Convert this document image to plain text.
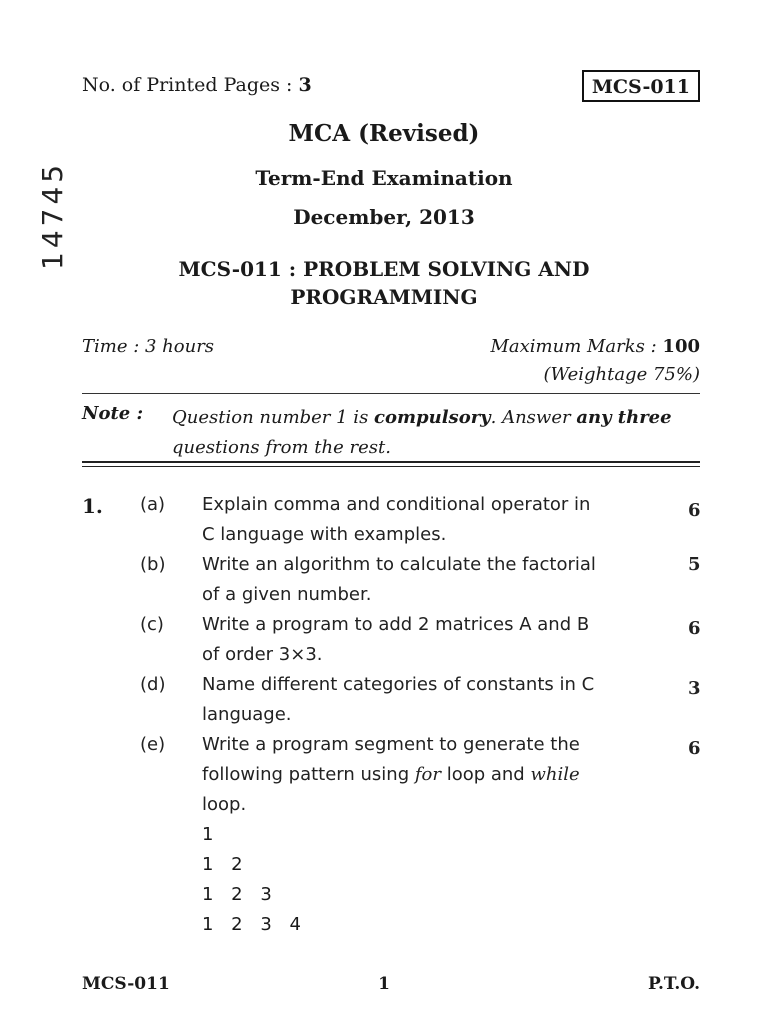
No. of Printed Pages : 3	MCS-011
14745
MCA (Revised)
Term-End Examination
December, 2013
MCS-011 : PROBLEM SOLVING AND
PROGRAMMING
Time : 3 hours	Maximum Marks : 100
(Weightage 75%)
Note : Question number 1 is compulsory. Answer any three
questions from the rest.
1. (a) Explain comma and conditional operator in
C language with examples.
6
(b) Write an algorithm to calculate the factorial
of a given number.
5
(c) Write a program to add 2 matrices A and B
of order 3×3.
6
(d) Name different categories of constants in C
language.
3
(e) Write a program segment to generate the
following pattern using for loop and while
loop.
6
1
1 2
1 2 3
1 2 3 4
MCS-011	1	P.T.O.
